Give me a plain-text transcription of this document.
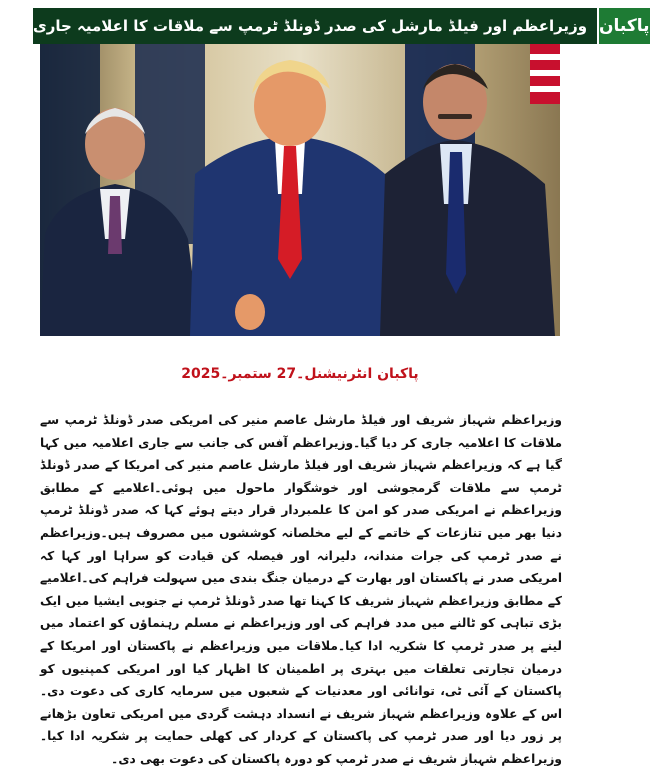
وزیراعظم اور فیلڈ مارشل کی صدر ڈونلڈ ٹرمپ سے ملاقات کا اعلامیہ جاری پاکبان
پاکبان انٹرنیشنل۔27 ستمبر۔2025
وزیراعظم شہباز شریف اور فیلڈ مارشل عاصم منیر کی امریکی صدر ڈونلڈ ٹرمپ سے ملاقات کا اعلامیہ جاری کر دیا گیا۔وزیراعظم آفس کی جانب سے جاری اعلامیہ میں کہا گیا ہے کہ وزیراعظم شہباز شریف اور فیلڈ مارشل عاصم منیر کی امریکا کے صدر ڈونلڈ ٹرمپ سے ملاقات گرمجوشی اور خوشگوار ماحول میں ہوئی۔اعلامیے کے مطابق وزیراعظم نے امریکی صدر کو امن کا علمبردار قرار دیتے ہوئے کہا کہ صدر ڈونلڈ ٹرمپ دنیا بھر میں تنازعات کے خاتمے کے لیے مخلصانہ کوششوں میں مصروف ہیں۔وزیراعظم نے صدر ٹرمپ کی جرات مندانہ، دلیرانہ اور فیصلہ کن قیادت کو سراہا اور کہا کہ امریکی صدر نے پاکستان اور بھارت کے درمیان جنگ بندی میں سہولت فراہم کی۔اعلامیے کے مطابق وزیراعظم شہباز شریف کا کہنا تھا صدر ڈونلڈ ٹرمپ نے جنوبی ایشیا میں ایک بڑی تباہی کو ٹالنے میں مدد فراہم کی اور وزیراعظم نے مسلم رہنماؤں کو اعتماد میں لینے پر صدر ٹرمپ کا شکریہ ادا کیا۔ملاقات میں وزیراعظم نے پاکستان اور امریکا کے درمیان تجارتی تعلقات میں بہتری پر اطمینان کا اظہار کیا اور امریکی کمپنیوں کو پاکستان کے آئی ٹی، توانائی اور معدنیات کے شعبوں میں سرمایہ کاری کی دعوت دی۔اس کے علاوہ وزیراعظم شہباز شریف نے انسداد دہشت گردی میں امریکی تعاون بڑھانے پر زور دیا اور صدر ٹرمپ کی پاکستان کے کردار کی کھلی حمایت پر شکریہ ادا کیا۔وزیراعظم شہباز شریف نے صدر ٹرمپ کو دورہ پاکستان کی دعوت بھی دی۔
